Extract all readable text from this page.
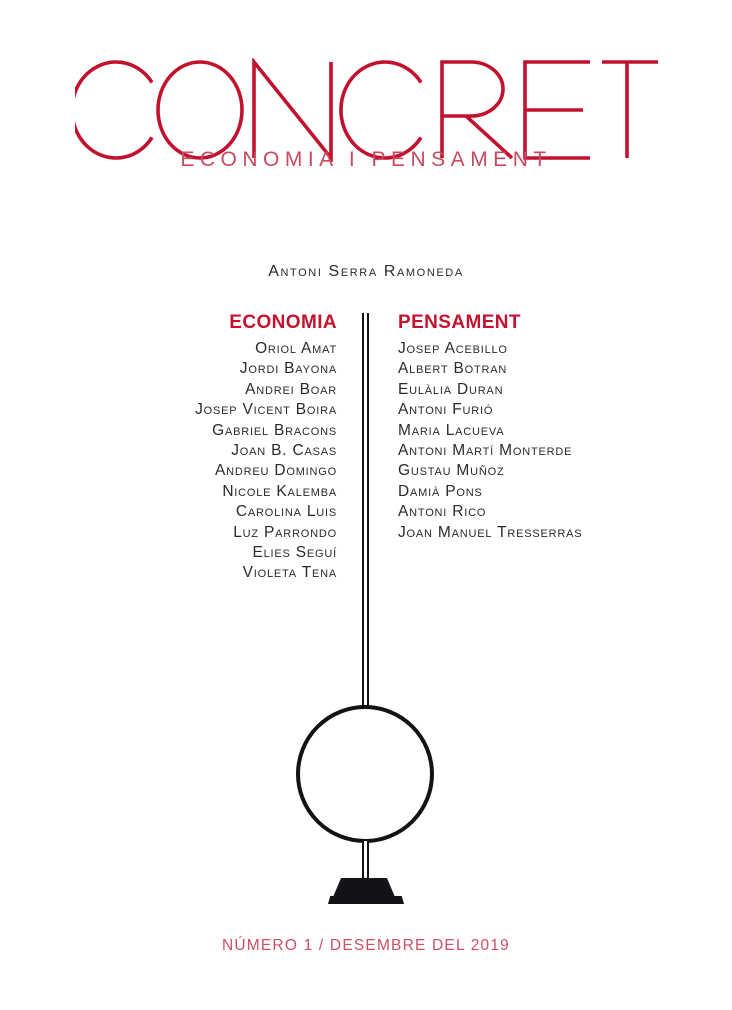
ECONOMIA I PENSAMENT
Antoni Serra Ramoneda
ECONOMIA
Oriol Amat
Jordi Bayona
Andrei Boar
Josep Vicent Boira
Gabriel Bracons
Joan B. Casas
Andreu Domingo
Nicole Kalemba
Carolina Luis
Luz Parrondo
Elies Seguí
Violeta Tena
PENSAMENT
Josep Acebillo
Albert Botran
Eulàlia Duran
Antoni Furió
Maria Lacueva
Antoni Martí Monterde
Gustau Muñoz
Damià Pons
Antoni Rico
Joan Manuel Tresserras
NÚMERO 1 / DESEMBRE DEL 2019
